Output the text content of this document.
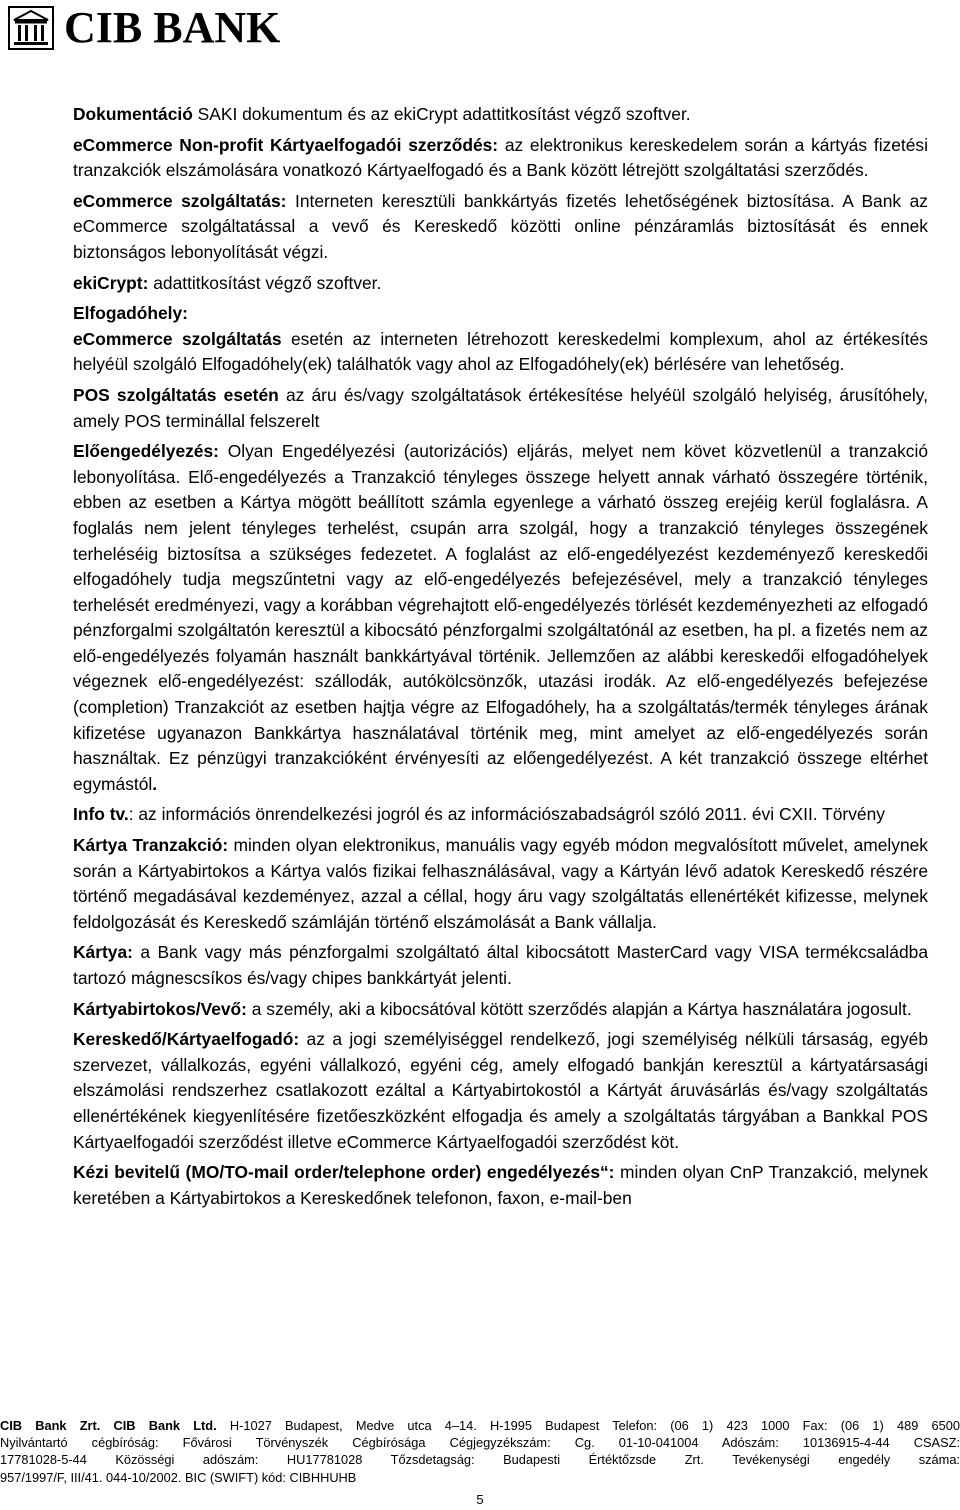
CIB BANK

Dokumentáció SAKI dokumentum és az ekiCrypt adattitkosítást végző szoftver.

eCommerce Non-profit Kártyaelfogadói szerződés: az elektronikus kereskedelem során a kártyás fizetési tranzakciók elszámolására vonatkozó Kártyaelfogadó és a Bank között létrejött szolgáltatási szerződés.

eCommerce szolgáltatás: Interneten keresztüli bankkártyás fizetés lehetőségének biztosítása. A Bank az eCommerce szolgáltatással a vevő és Kereskedő közötti online pénzáramlás biztosítását és ennek biztonságos lebonyolítását végzi.

ekiCrypt: adattitkosítást végző szoftver.

Elfogadóhely:

eCommerce szolgáltatás esetén az interneten létrehozott kereskedelmi komplexum, ahol az értékesítés helyéül szolgáló Elfogadóhely(ek) találhatók vagy ahol az Elfogadóhely(ek) bérlésére van lehetőség.

POS szolgáltatás esetén az áru és/vagy szolgáltatások értékesítése helyéül szolgáló helyiség, árusítóhely, amely POS terminállal felszerelt

Előengedélyezés: Olyan Engedélyezési (autorizációs) eljárás, melyet nem követ közvetlenül a tranzakció lebonyolítása. Elő-engedélyezés a Tranzakció tényleges összege helyett annak várható összegére történik, ebben az esetben a Kártya mögött beállított számla egyenlege a várható összeg erejéig kerül foglalásra. A foglalás nem jelent tényleges terhelést, csupán arra szolgál, hogy a tranzakció tényleges összegének terheléséig biztosítsa a szükséges fedezetet. A foglalást az elő-engedélyezést kezdeményező kereskedői elfogadóhely tudja megszűntetni vagy az elő-engedélyezés befejezésével, mely a tranzakció tényleges terhelését eredményezi, vagy a korábban végrehajtott elő-engedélyezés törlését kezdeményezheti az elfogadó pénzforgalmi szolgáltatón keresztül a kibocsátó pénzforgalmi szolgáltatónál az esetben, ha pl. a fizetés nem az elő-engedélyezés folyamán használt bankkártyával történik. Jellemzően az alábbi kereskedői elfogadóhelyek végeznek elő-engedélyezést: szállodák, autókölcsönzők, utazási irodák. Az elő-engedélyezés befejezése (completion) Tranzakciót az esetben hajtja végre az Elfogadóhely, ha a szolgáltatás/termék tényleges árának kifizetése ugyanazon Bankkártya használatával történik meg, mint amelyet az elő-engedélyezés során használtak. Ez pénzügyi tranzakcióként érvényesíti az előengedélyezést. A két tranzakció összege eltérhet egymástól.

Info tv.: az információs önrendelkezési jogról és az információszabadságról szóló 2011. évi CXII. Törvény

Kártya Tranzakció: minden olyan elektronikus, manuális vagy egyéb módon megvalósított művelet, amelynek során a Kártyabirtokos a Kártya valós fizikai felhasználásával, vagy a Kártyán lévő adatok Kereskedő részére történő megadásával kezdeményez, azzal a céllal, hogy áru vagy szolgáltatás ellenértékét kifizesse, melynek feldolgozását és Kereskedő számláján történő elszámolását a Bank vállalja.

Kártya: a Bank vagy más pénzforgalmi szolgáltató által kibocsátott MasterCard vagy VISA termékcsaládba tartozó mágnescsíkos és/vagy chipes bankkártyát jelenti.

Kártyabirtokos/Vevő: a személy, aki a kibocsátóval kötött szerződés alapján a Kártya használatára jogosult.

Kereskedő/Kártyaelfogadó: az a jogi személyiséggel rendelkező, jogi személyiség nélküli társaság, egyéb szervezet, vállalkozás, egyéni vállalkozó, egyéni cég, amely elfogadó bankján keresztül a kártyatársasági elszámolási rendszerhez csatlakozott ezáltal a Kártyabirtokostól a Kártyát áruvásárlás és/vagy szolgáltatás ellenértékének kiegyenlítésére fizetőeszközként elfogadja és amely a szolgáltatás tárgyában a Bankkal POS Kártyaelfogadói szerződést illetve eCommerce Kártyaelfogadói szerződést köt.

Kézi bevitelű (MO/TO-mail order/telephone order) engedélyezés“: minden olyan CnP Tranzakció, melynek keretében a Kártyabirtokos a Kereskedőnek telefonon, faxon, e-mail-ben

CIB Bank Zrt. CIB Bank Ltd. H-1027 Budapest, Medve utca 4–14. H-1995 Budapest Telefon: (06 1) 423 1000 Fax: (06 1) 489 6500

Nyilvántartó cégbíróság: Fővárosi Törvényszék Cégbírósága Cégjegyzékszám: Cg. 01-10-041004 Adószám: 10136915-4-44 CSASZ:

17781028-5-44 Közösségi adószám: HU17781028 Tőzsdetagság: Budapesti Értéktőzsde Zrt. Tevékenységi engedély száma:

957/1997/F, III/41. 044-10/2002. BIC (SWIFT) kód: CIBHHUHB

5
